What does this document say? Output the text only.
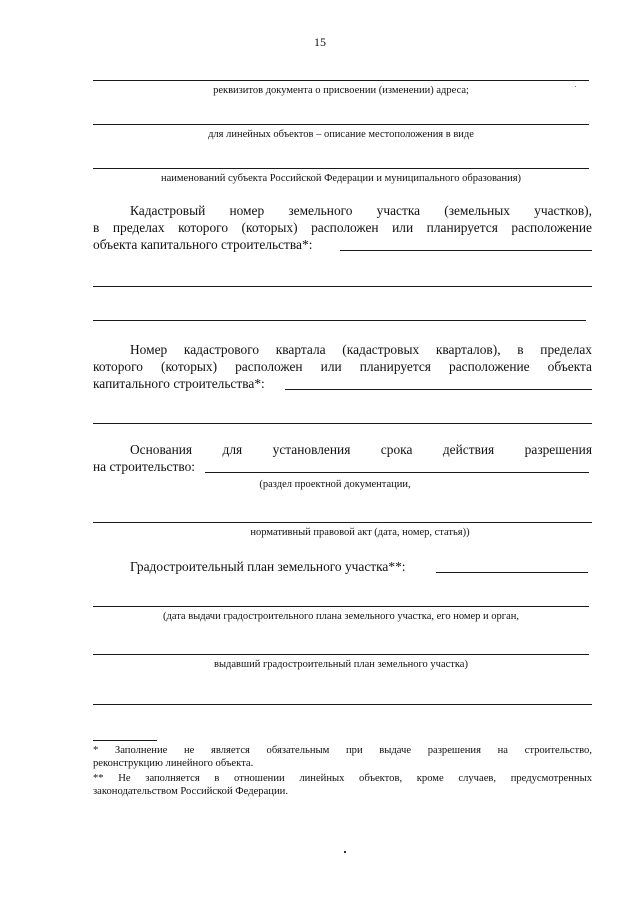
15
реквизитов документа о присвоении (изменении) адреса;
для линейных объектов – описание местоположения в виде
наименований субъекта Российской Федерации и муниципального образования)
Кадастровый номер земельного участка (земельных участков),
в пределах которого (которых) расположен или планируется расположение
объекта капитального строительства*:
Номер кадастрового квартала (кадастровых кварталов), в пределах
которого (которых) расположен или планируется расположение объекта
капитального строительства*:
Основания для установления срока действия разрешения
на строительство:
(раздел проектной документации,
нормативный правовой акт (дата, номер, статья))
Градостроительный план земельного участка**:
(дата выдачи градостроительного плана земельного участка, его номер и орган,
выдавший градостроительный план земельного участка)
* Заполнение не является обязательным при выдаче разрешения на строительство,
реконструкцию линейного объекта.
** Не заполняется в отношении линейных объектов, кроме случаев, предусмотренных
законодательством Российской Федерации.
